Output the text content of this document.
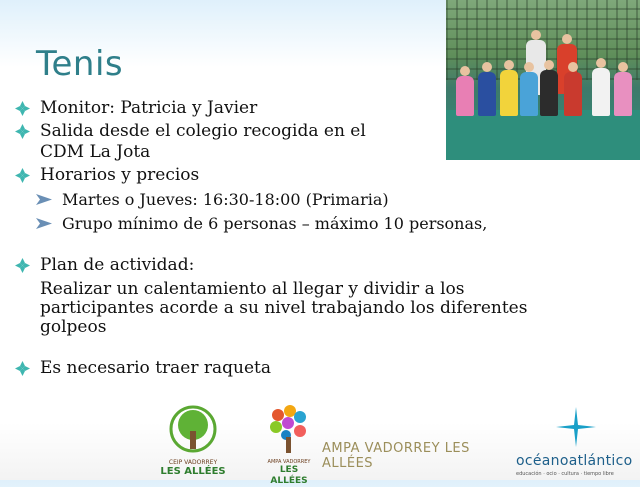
Tenis
Monitor: Patricia y Javier
Salida desde el colegio recogida en el
CDM La Jota
Horarios y precios
Martes o Jueves: 16:30-18:00 (Primaria)
Grupo mínimo de 6 personas – máximo 10 personas,
Plan de actividad:
Realizar un calentamiento al llegar y dividir a los
participantes acorde a su nivel trabajando los diferentes
golpeos
Es necesario traer raqueta
CEIP VADORREY
LES ALLÉES
AMPA VADORREY
LES ALLÉES
AMPA VADORREY LES ALLÉES	océanoatlántico
educación · ocio · cultura · tiempo libre
